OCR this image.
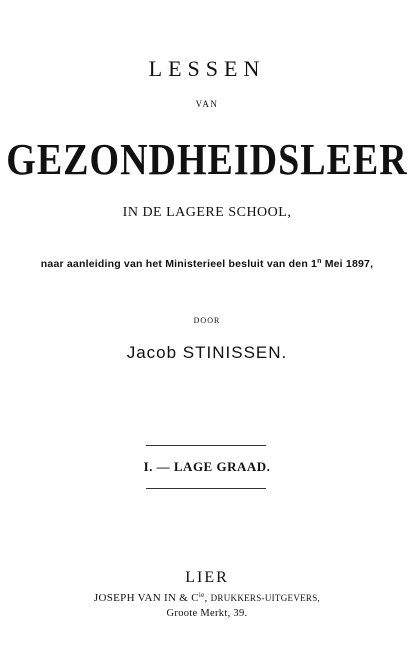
LESSEN
VAN
GEZONDHEIDSLEER
IN DE LAGERE SCHOOL,
naar aanleiding van het Ministerieel besluit van den 1$^n$ Mei 1897,
DOOR
Jacob STINISSEN.
I. — LAGE GRAAD.
LIER
JOSEPH VAN IN & $C^{ie}$, DRUKKERS-UITGEVERS,
Groote Merkt, 39.
